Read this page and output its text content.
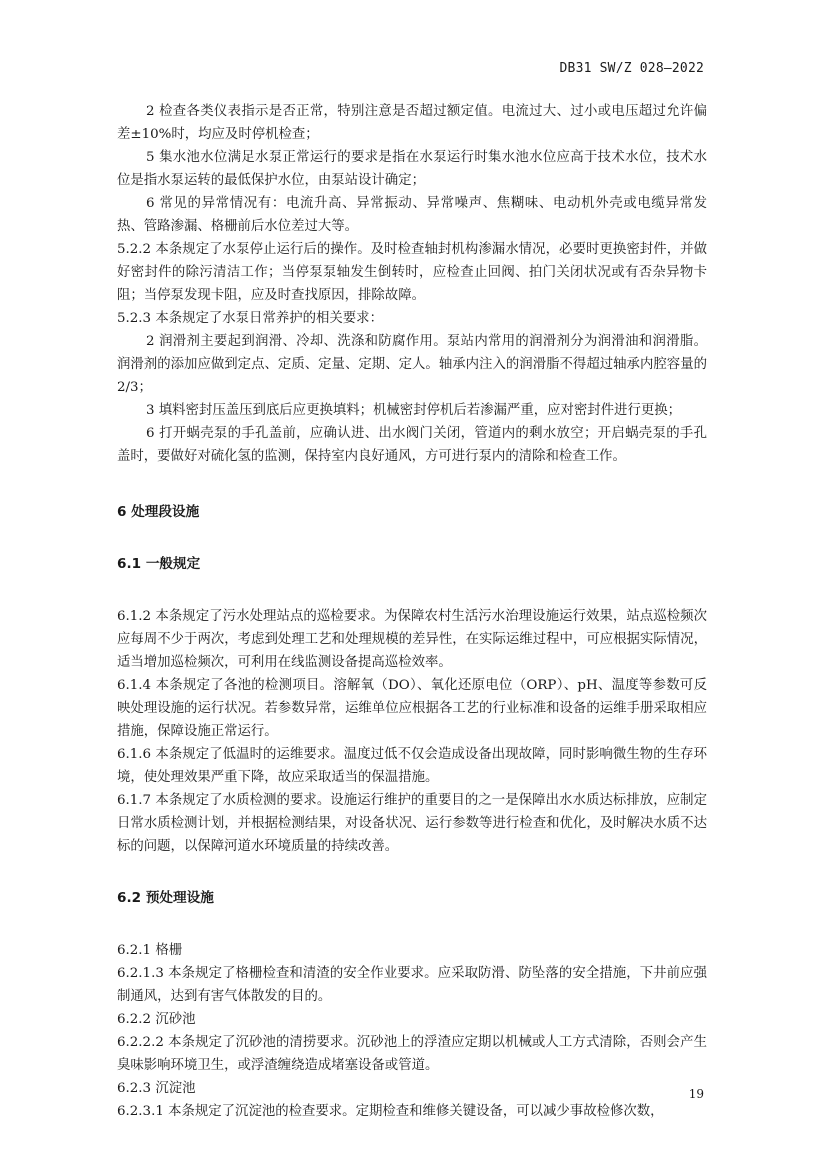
DB31 SW/Z 028—2022

2 检查各类仪表指示是否正常，特别注意是否超过额定值。电流过大、过小或电压超过允许偏差±10%时，均应及时停机检查；

5 集水池水位满足水泵正常运行的要求是指在水泵运行时集水池水位应高于技术水位，技术水位是指水泵运转的最低保护水位，由泵站设计确定；

6 常见的异常情况有：电流升高、异常振动、异常噪声、焦糊味、电动机外壳或电缆异常发热、管路渗漏、格栅前后水位差过大等。

5.2.2 本条规定了水泵停止运行后的操作。及时检查轴封机构渗漏水情况，必要时更换密封件，并做好密封件的除污清洁工作；当停泵泵轴发生倒转时，应检查止回阀、拍门关闭状况或有否杂异物卡阻；当停泵发现卡阻，应及时查找原因，排除故障。

5.2.3 本条规定了水泵日常养护的相关要求：

2 润滑剂主要起到润滑、冷却、洗涤和防腐作用。泵站内常用的润滑剂分为润滑油和润滑脂。润滑剂的添加应做到定点、定质、定量、定期、定人。轴承内注入的润滑脂不得超过轴承内腔容量的2/3；

3 填料密封压盖压到底后应更换填料；机械密封停机后若渗漏严重，应对密封件进行更换；

6 打开蜗壳泵的手孔盖前，应确认进、出水阀门关闭，管道内的剩水放空；开启蜗壳泵的手孔盖时，要做好对硫化氢的监测，保持室内良好通风，方可进行泵内的清除和检查工作。

6 处理段设施

6.1 一般规定

6.1.2 本条规定了污水处理站点的巡检要求。为保障农村生活污水治理设施运行效果，站点巡检频次应每周不少于两次，考虑到处理工艺和处理规模的差异性，在实际运维过程中，可应根据实际情况，适当增加巡检频次，可利用在线监测设备提高巡检效率。

6.1.4 本条规定了各池的检测项目。溶解氧（DO）、氧化还原电位（ORP）、pH、温度等参数可反映处理设施的运行状况。若参数异常，运维单位应根据各工艺的行业标准和设备的运维手册采取相应措施，保障设施正常运行。

6.1.6 本条规定了低温时的运维要求。温度过低不仅会造成设备出现故障，同时影响微生物的生存环境，使处理效果严重下降，故应采取适当的保温措施。

6.1.7 本条规定了水质检测的要求。设施运行维护的重要目的之一是保障出水水质达标排放，应制定日常水质检测计划，并根据检测结果，对设备状况、运行参数等进行检查和优化，及时解决水质不达标的问题，以保障河道水环境质量的持续改善。

6.2 预处理设施

6.2.1 格栅

6.2.1.3 本条规定了格栅检查和清渣的安全作业要求。应采取防滑、防坠落的安全措施，下井前应强制通风，达到有害气体散发的目的。

6.2.2 沉砂池

6.2.2.2 本条规定了沉砂池的清捞要求。沉砂池上的浮渣应定期以机械或人工方式清除，否则会产生臭味影响环境卫生，或浮渣缠绕造成堵塞设备或管道。

6.2.3 沉淀池

6.2.3.1 本条规定了沉淀池的检查要求。定期检查和维修关键设备，可以减少事故检修次数，

19
